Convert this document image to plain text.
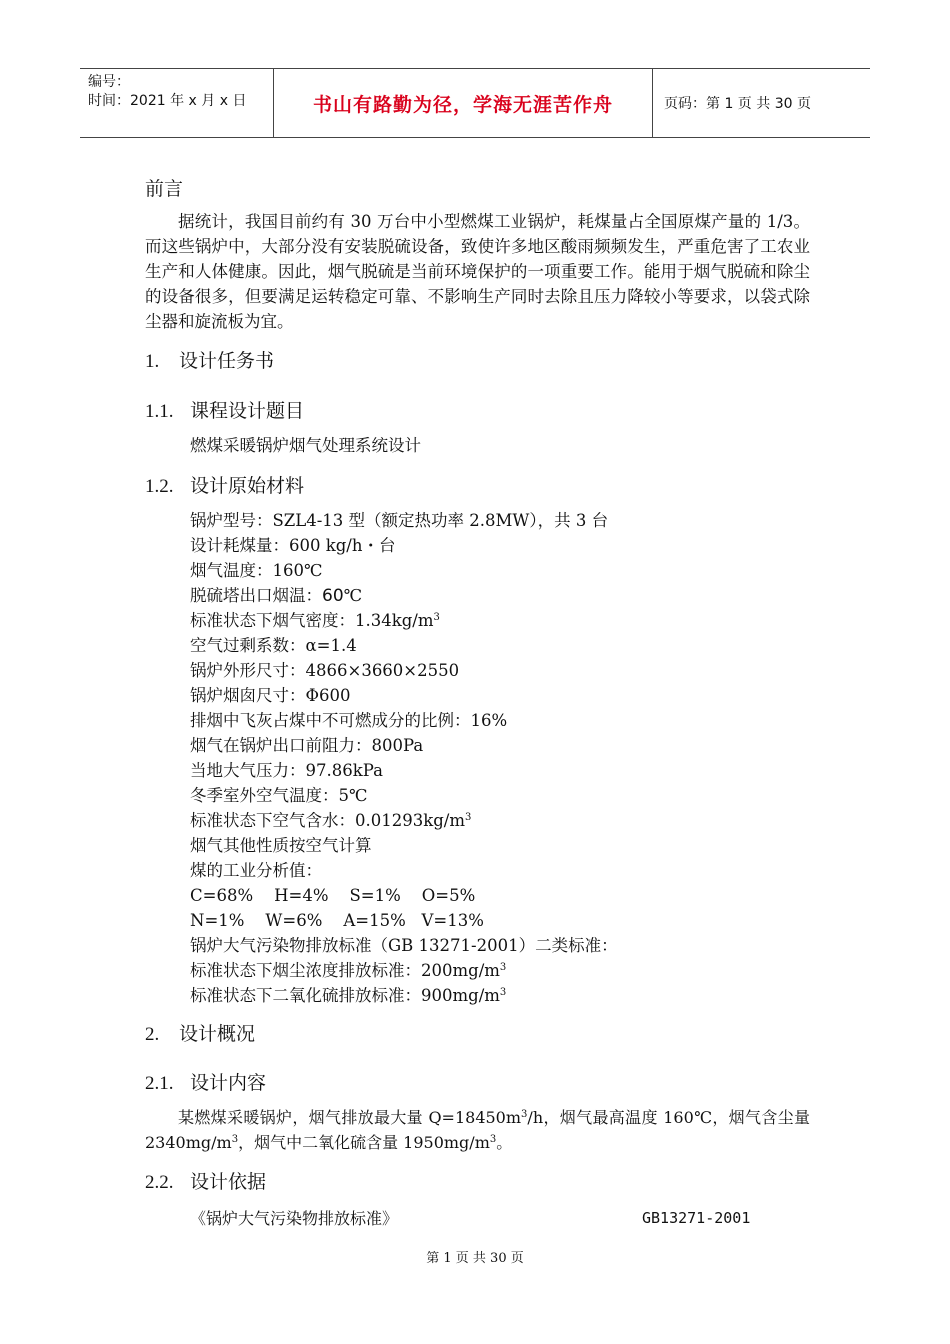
编号：
时间：2021 年 x 月 x 日	书山有路勤为径，学海无涯苦作舟	页码：第 1 页 共 30 页
前言
据统计，我国目前约有 30 万台中小型燃煤工业锅炉，耗煤量占全国原煤产量的 1/3。而这些锅炉中，大部分没有安装脱硫设备，致使许多地区酸雨频频发生，严重危害了工农业生产和人体健康。因此，烟气脱硫是当前环境保护的一项重要工作。能用于烟气脱硫和除尘的设备很多，但要满足运转稳定可靠、不影响生产同时去除且压力降较小等要求，以袋式除尘器和旋流板为宜。
1. 设计任务书
1.1. 课程设计题目
燃煤采暖锅炉烟气处理系统设计
1.2. 设计原始材料
锅炉型号：SZL4-13 型（额定热功率 2.8MW），共 3 台
设计耗煤量：600 kg/h・台
烟气温度：160℃
脱硫塔出口烟温：60℃
标准状态下烟气密度：$1.34kg/m^3$
空气过剩系数：α=1.4
锅炉外形尺寸：4866×3660×2550
锅炉烟囱尺寸：Φ600
排烟中飞灰占煤中不可燃成分的比例：16%
烟气在锅炉出口前阻力：800Pa
当地大气压力：97.86kPa
冬季室外空气温度：5℃
标准状态下空气含水：$0.01293kg/m^3$
烟气其他性质按空气计算
煤的工业分析值：
C=68%    H=4%    S=1%    O=5%
N=1%    W=6%    A=15%   V=13%
锅炉大气污染物排放标准（GB 13271-2001）二类标准：
标准状态下烟尘浓度排放标准：$200mg/m^3$
标准状态下二氧化硫排放标准：$900mg/m^3$
2. 设计概况
2.1. 设计内容
某燃煤采暖锅炉，烟气排放最大量 $Q=18450m^3/h$，烟气最高温度 160℃，烟气含尘量 $2340mg/m^3$，烟气中二氧化硫含量 $1950mg/m^3$。
2.2. 设计依据
《锅炉大气污染物排放标准》	GB13271-2001
第 1 页 共 30 页
